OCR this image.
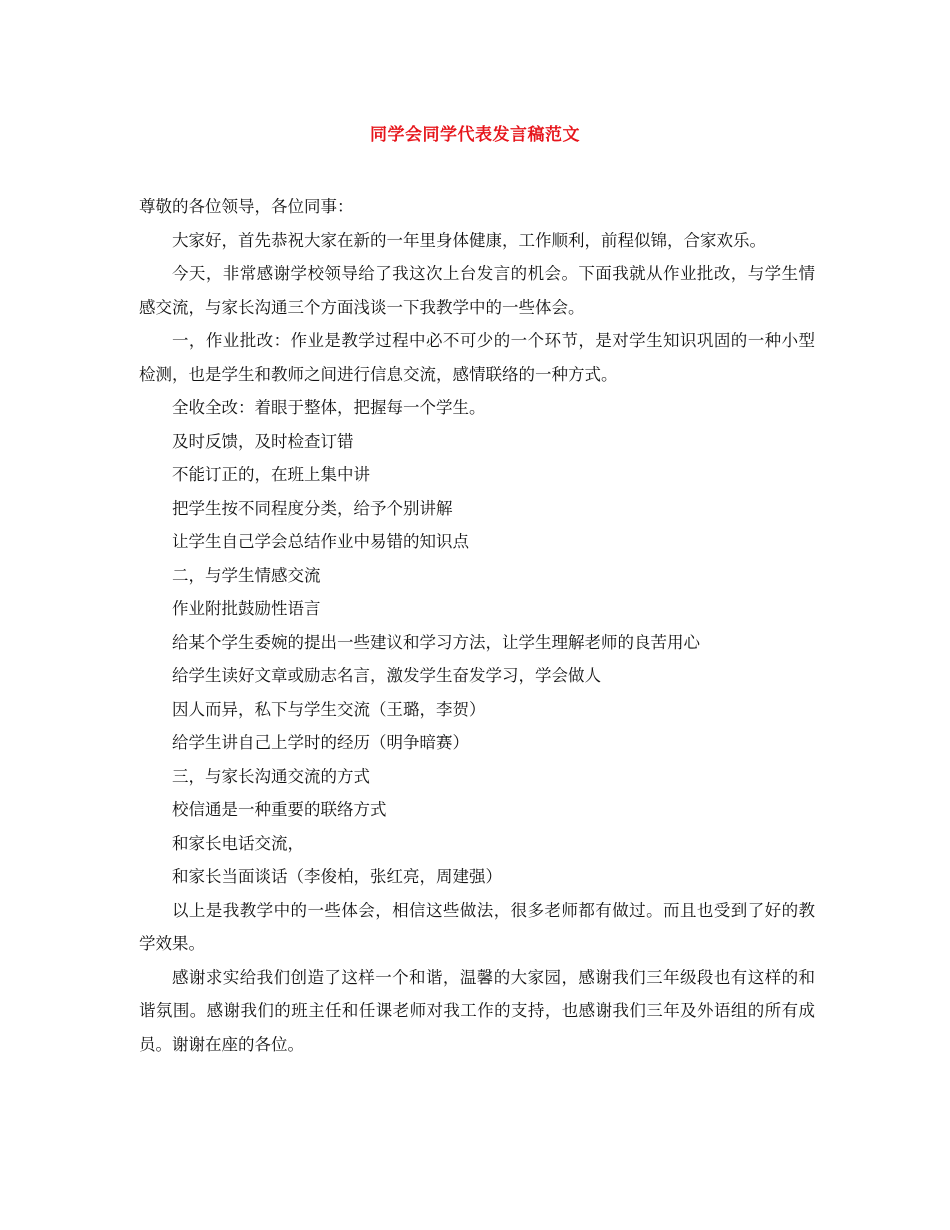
同学会同学代表发言稿范文

尊敬的各位领导，各位同事：

大家好，首先恭祝大家在新的一年里身体健康，工作顺利，前程似锦，合家欢乐。

今天，非常感谢学校领导给了我这次上台发言的机会。下面我就从作业批改，与学生情感交流，与家长沟通三个方面浅谈一下我教学中的一些体会。

一，作业批改：作业是教学过程中必不可少的一个环节，是对学生知识巩固的一种小型检测，也是学生和教师之间进行信息交流，感情联络的一种方式。

全收全改：着眼于整体，把握每一个学生。

及时反馈，及时检查订错

不能订正的，在班上集中讲

把学生按不同程度分类，给予个别讲解

让学生自己学会总结作业中易错的知识点

二，与学生情感交流

作业附批鼓励性语言

给某个学生委婉的提出一些建议和学习方法，让学生理解老师的良苦用心

给学生读好文章或励志名言，激发学生奋发学习，学会做人

因人而异，私下与学生交流（王璐，李贺）

给学生讲自己上学时的经历（明争暗赛）

三，与家长沟通交流的方式

校信通是一种重要的联络方式

和家长电话交流，

和家长当面谈话（李俊柏，张红亮，周建强）

以上是我教学中的一些体会，相信这些做法，很多老师都有做过。而且也受到了好的教学效果。

感谢求实给我们创造了这样一个和谐，温馨的大家园，感谢我们三年级段也有这样的和谐氛围。感谢我们的班主任和任课老师对我工作的支持，也感谢我们三年及外语组的所有成员。谢谢在座的各位。
